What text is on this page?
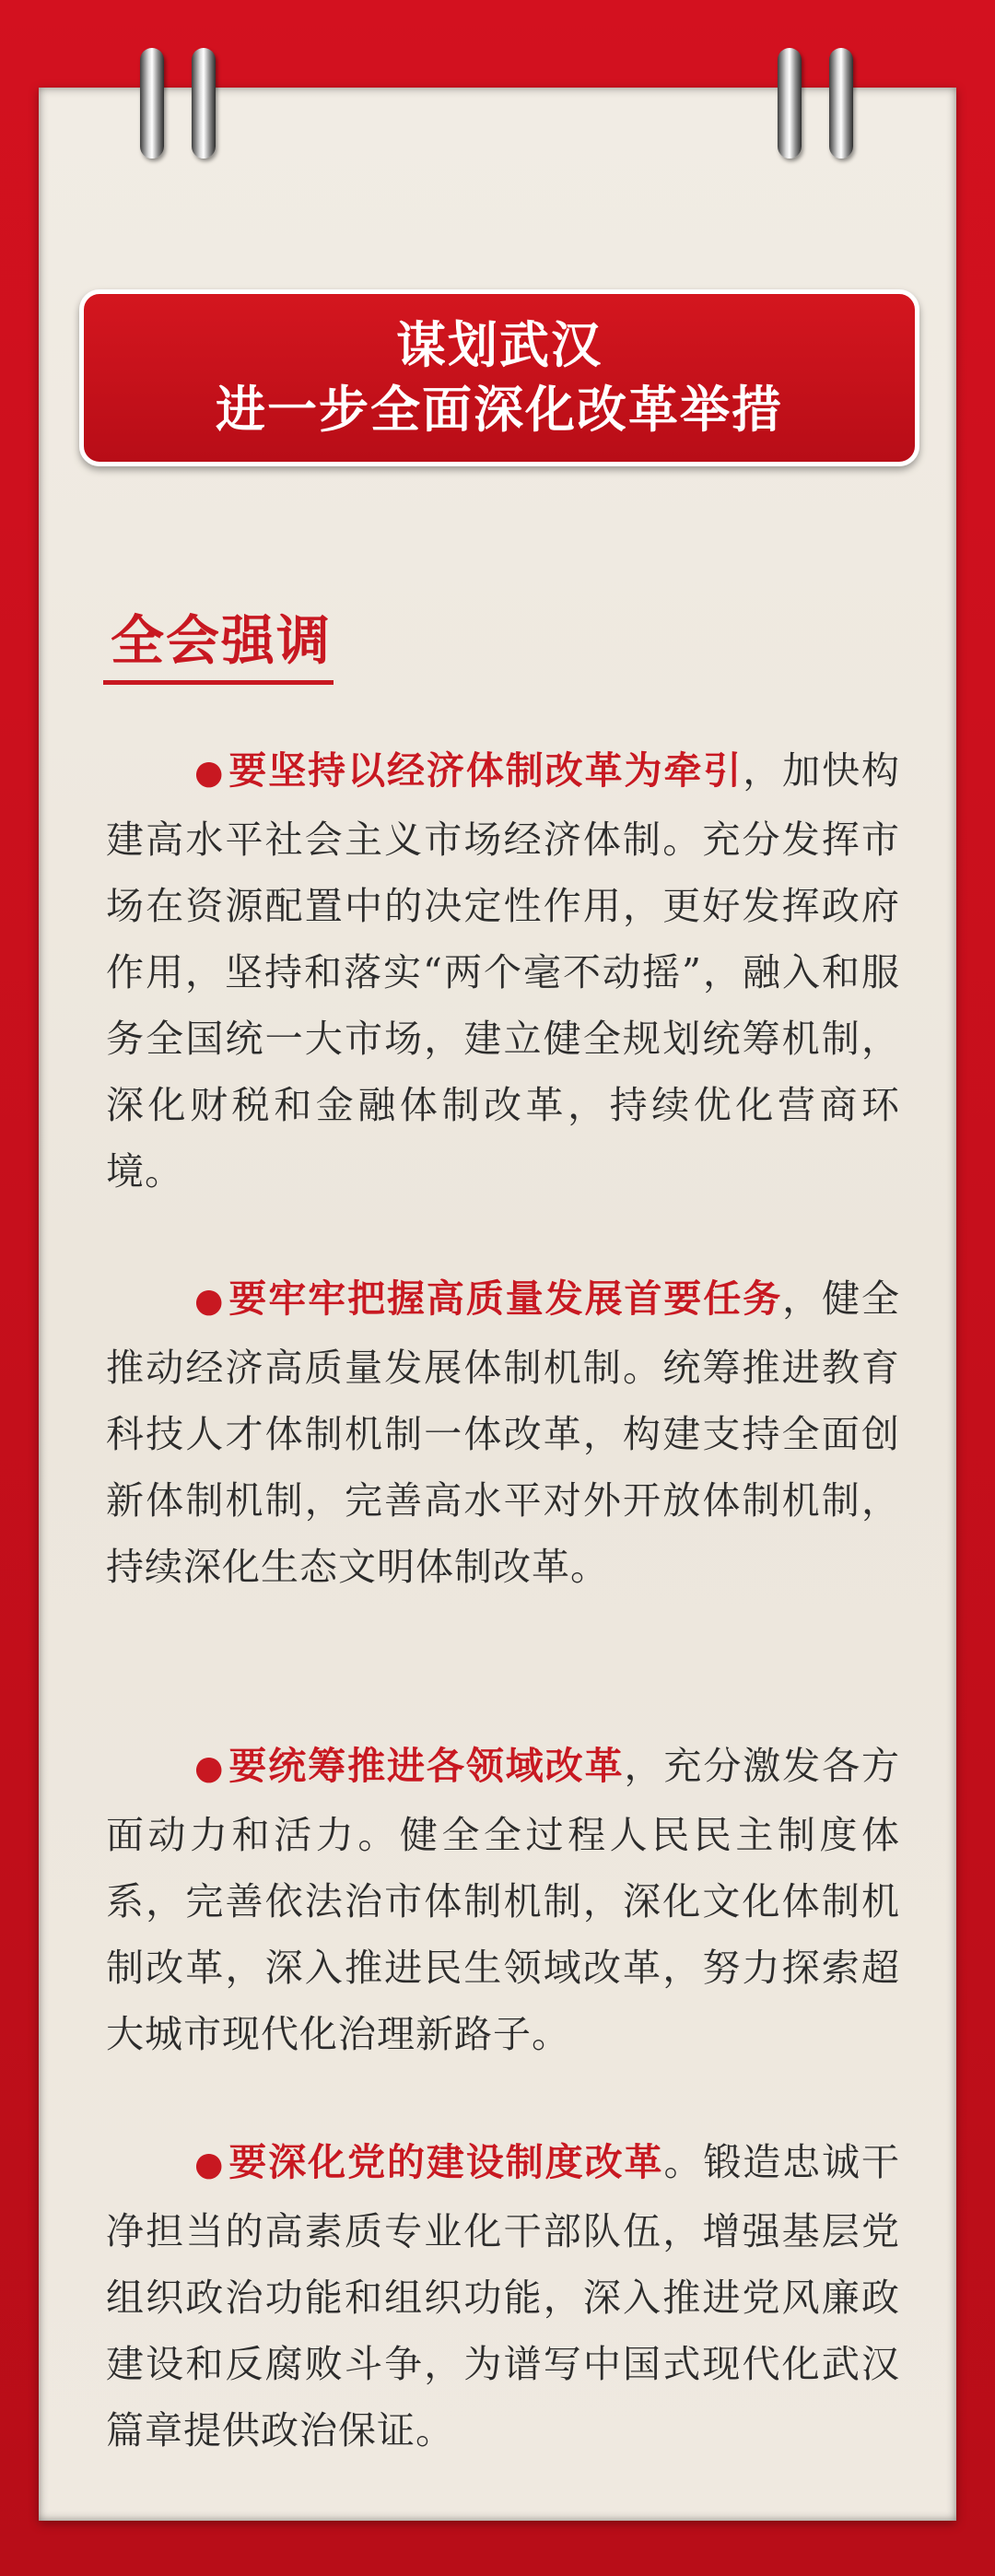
谋划武汉
进一步全面深化改革举措
全会强调
●要坚持以经济体制改革为牵引，加快构建高水平社会主义市场经济体制。充分发挥市场在资源配置中的决定性作用，更好发挥政府作用，坚持和落实“两个毫不动摇”，融入和服务全国统一大市场，建立健全规划统筹机制，深化财税和金融体制改革，持续优化营商环境。
●要牢牢把握高质量发展首要任务，健全推动经济高质量发展体制机制。统筹推进教育科技人才体制机制一体改革，构建支持全面创新体制机制，完善高水平对外开放体制机制，持续深化生态文明体制改革。
●要统筹推进各领域改革，充分激发各方面动力和活力。健全全过程人民民主制度体系，完善依法治市体制机制，深化文化体制机制改革，深入推进民生领域改革，努力探索超大城市现代化治理新路子。
●要深化党的建设制度改革。锻造忠诚干净担当的高素质专业化干部队伍，增强基层党组织政治功能和组织功能，深入推进党风廉政建设和反腐败斗争，为谱写中国式现代化武汉篇章提供政治保证。
